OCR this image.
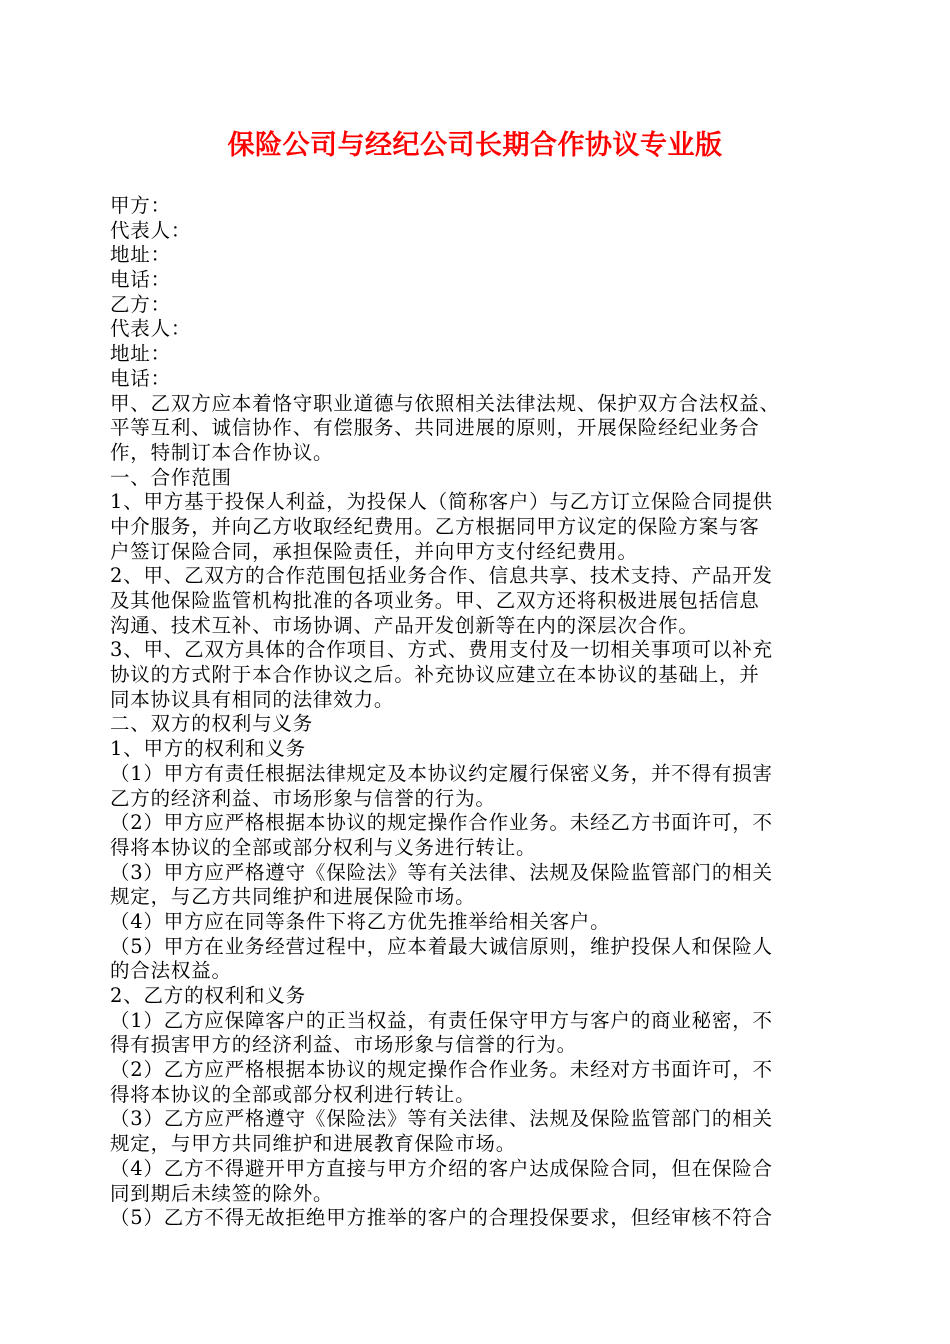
保险公司与经纪公司长期合作协议专业版
甲方：
代表人：
地址：
电话：
乙方：
代表人：
地址：
电话：
甲、乙双方应本着恪守职业道德与依照相关法律法规、保护双方合法权益、
平等互利、诚信协作、有偿服务、共同进展的原则，开展保险经纪业务合
作，特制订本合作协议。
一、合作范围
1、甲方基于投保人利益，为投保人（简称客户）与乙方订立保险合同提供
中介服务，并向乙方收取经纪费用。乙方根据同甲方议定的保险方案与客
户签订保险合同，承担保险责任，并向甲方支付经纪费用。
2、甲、乙双方的合作范围包括业务合作、信息共享、技术支持、产品开发
及其他保险监管机构批准的各项业务。甲、乙双方还将积极进展包括信息
沟通、技术互补、市场协调、产品开发创新等在内的深层次合作。
3、甲、乙双方具体的合作项目、方式、费用支付及一切相关事项可以补充
协议的方式附于本合作协议之后。补充协议应建立在本协议的基础上，并
同本协议具有相同的法律效力。
二、双方的权利与义务
1、甲方的权利和义务
（1）甲方有责任根据法律规定及本协议约定履行保密义务，并不得有损害
乙方的经济利益、市场形象与信誉的行为。
（2）甲方应严格根据本协议的规定操作合作业务。未经乙方书面许可，不
得将本协议的全部或部分权利与义务进行转让。
（3）甲方应严格遵守《保险法》等有关法律、法规及保险监管部门的相关
规定，与乙方共同维护和进展保险市场。
（4）甲方应在同等条件下将乙方优先推举给相关客户。
（5）甲方在业务经营过程中，应本着最大诚信原则，维护投保人和保险人
的合法权益。
2、乙方的权利和义务
（1）乙方应保障客户的正当权益，有责任保守甲方与客户的商业秘密，不
得有损害甲方的经济利益、市场形象与信誉的行为。
（2）乙方应严格根据本协议的规定操作合作业务。未经对方书面许可，不
得将本协议的全部或部分权利进行转让。
（3）乙方应严格遵守《保险法》等有关法律、法规及保险监管部门的相关
规定，与甲方共同维护和进展教育保险市场。
（4）乙方不得避开甲方直接与甲方介绍的客户达成保险合同，但在保险合
同到期后未续签的除外。
（5）乙方不得无故拒绝甲方推举的客户的合理投保要求，但经审核不符合
